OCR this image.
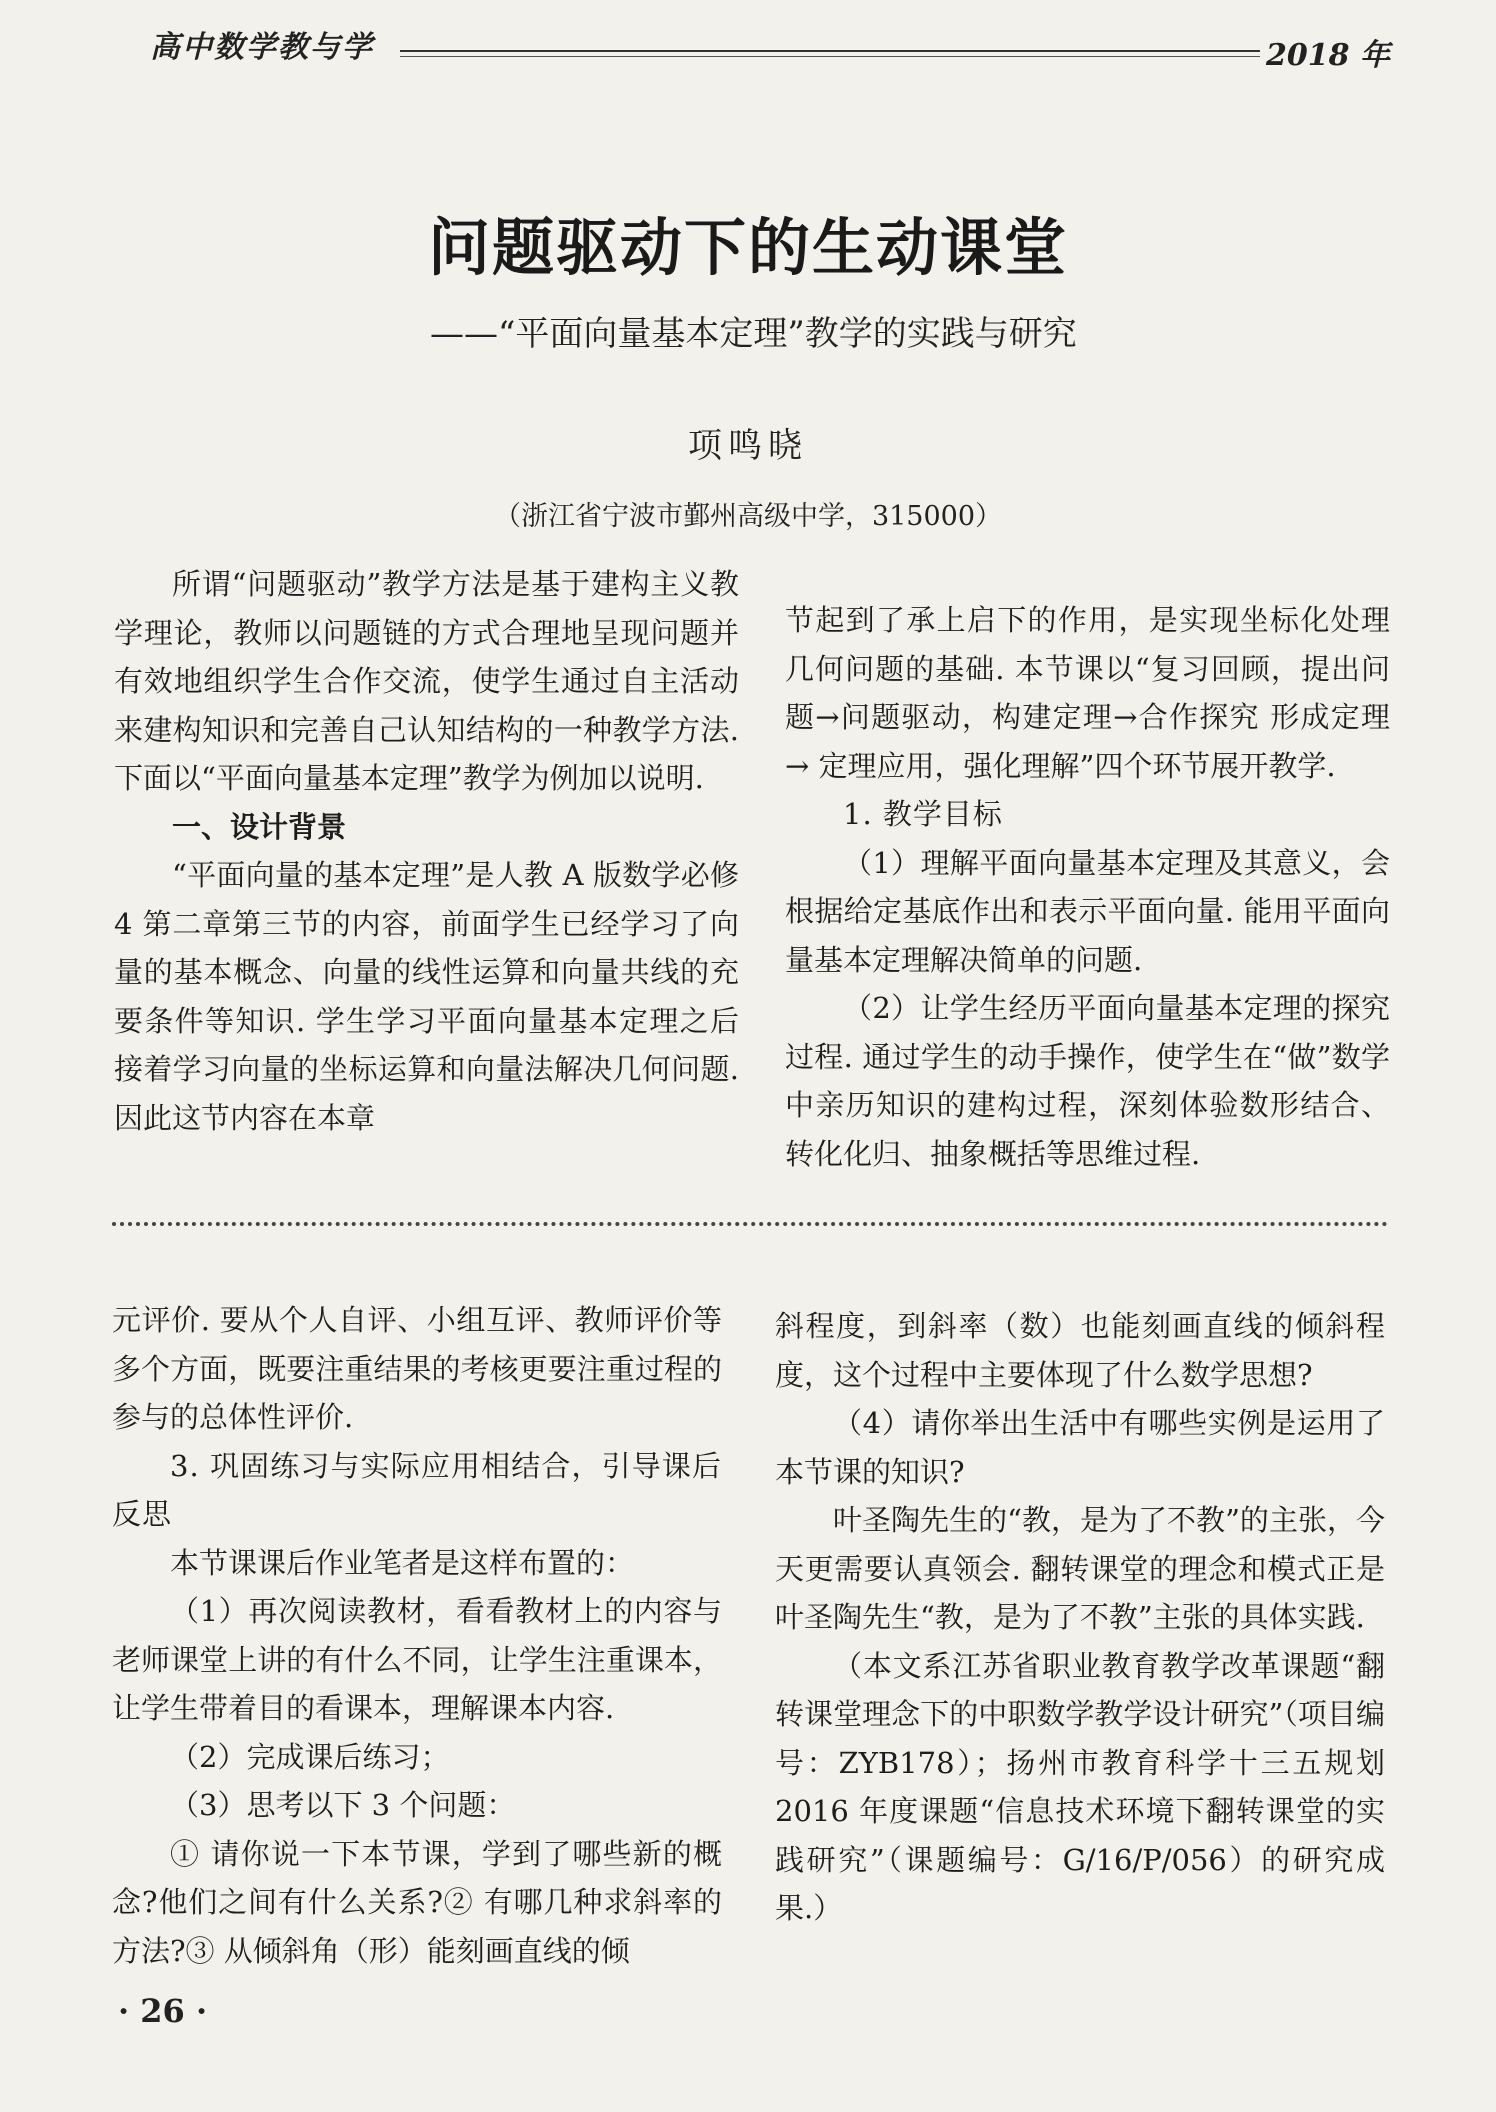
高中数学教与学	2018 年
问题驱动下的生动课堂
——“平面向量基本定理”教学的实践与研究
项鸣晓
（浙江省宁波市鄞州高级中学，315000）

所谓“问题驱动”教学方法是基于建构主义教学理论，教师以问题链的方式合理地呈现问题并有效地组织学生合作交流，使学生通过自主活动来建构知识和完善自己认知结构的一种教学方法. 下面以“平面向量基本定理”教学为例加以说明.

一、设计背景

“平面向量的基本定理”是人教 A 版数学必修 4 第二章第三节的内容，前面学生已经学习了向量的基本概念、向量的线性运算和向量共线的充要条件等知识. 学生学习平面向量基本定理之后接着学习向量的坐标运算和向量法解决几何问题. 因此这节内容在本章

节起到了承上启下的作用，是实现坐标化处理几何问题的基础. 本节课以“复习回顾，提出问题→问题驱动，构建定理→合作探究 形成定理 → 定理应用，强化理解”四个环节展开教学.

1. 教学目标

（1）理解平面向量基本定理及其意义，会根据给定基底作出和表示平面向量. 能用平面向量基本定理解决简单的问题.

（2）让学生经历平面向量基本定理的探究过程. 通过学生的动手操作，使学生在“做”数学中亲历知识的建构过程，深刻体验数形结合、转化化归、抽象概括等思维过程.

元评价. 要从个人自评、小组互评、教师评价等多个方面，既要注重结果的考核更要注重过程的参与的总体性评价.

3. 巩固练习与实际应用相结合，引导课后反思

本节课课后作业笔者是这样布置的：

（1）再次阅读教材，看看教材上的内容与老师课堂上讲的有什么不同，让学生注重课本，让学生带着目的看课本，理解课本内容.

（2）完成课后练习；

（3）思考以下 3 个问题：

① 请你说一下本节课，学到了哪些新的概念?他们之间有什么关系?② 有哪几种求斜率的方法?③ 从倾斜角（形）能刻画直线的倾

斜程度，到斜率（数）也能刻画直线的倾斜程度，这个过程中主要体现了什么数学思想?

（4）请你举出生活中有哪些实例是运用了本节课的知识?

叶圣陶先生的“教，是为了不教”的主张，今天更需要认真领会. 翻转课堂的理念和模式正是叶圣陶先生“教，是为了不教”主张的具体实践.

（本文系江苏省职业教育教学改革课题“翻转课堂理念下的中职数学教学设计研究”（项目编号：ZYB178）；扬州市教育科学十三五规划 2016 年度课题“信息技术环境下翻转课堂的实践研究”（课题编号：G/16/P/056）的研究成果.）

· 26 ·
